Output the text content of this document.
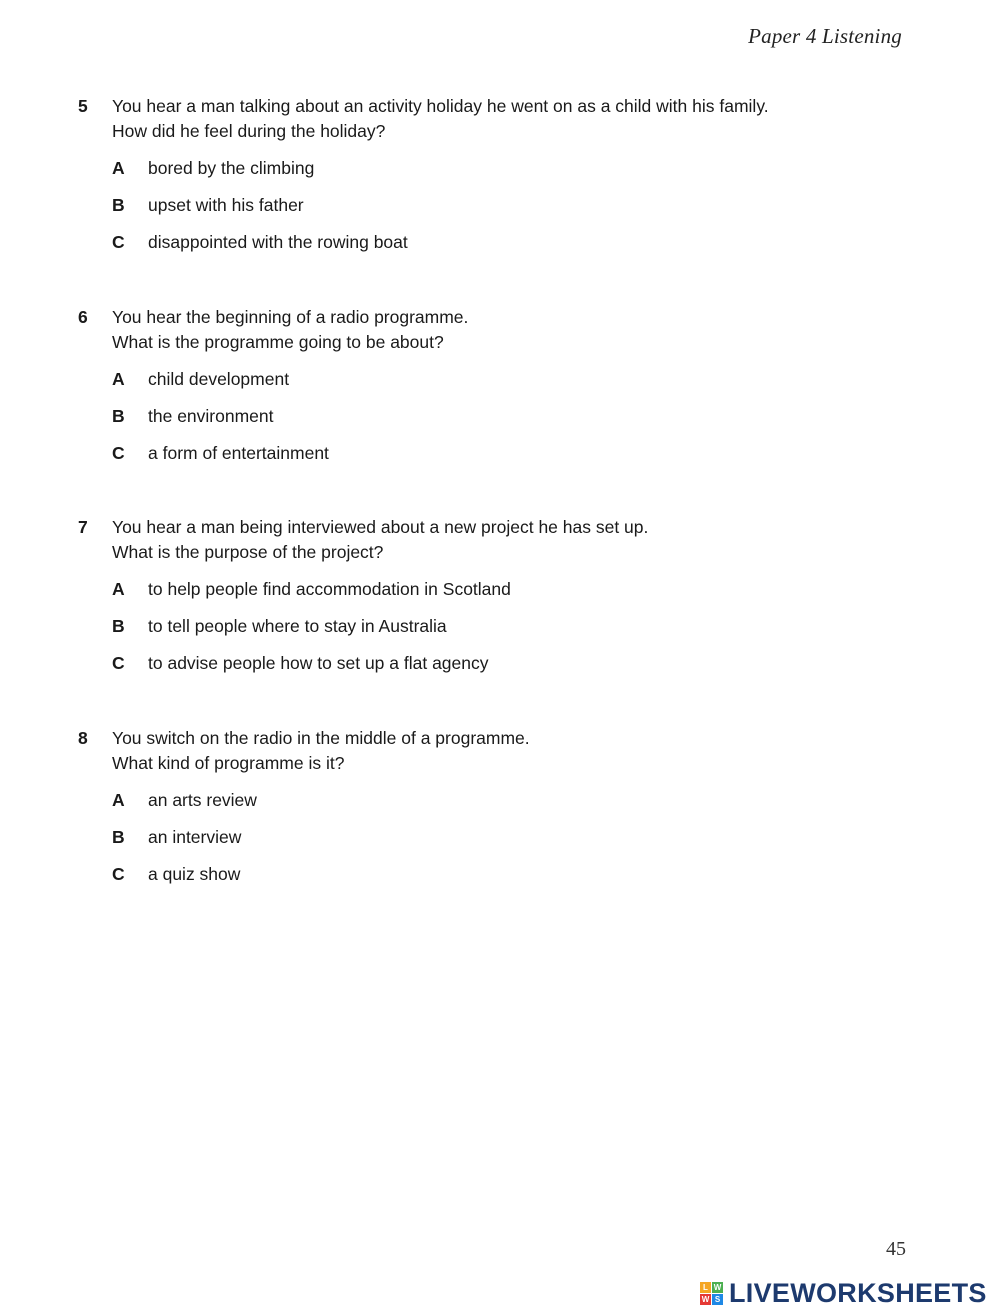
Paper 4 Listening
5 You hear a man talking about an activity holiday he went on as a child with his family.
How did he feel during the holiday?
A bored by the climbing
B upset with his father
C disappointed with the rowing boat
6 You hear the beginning of a radio programme.
What is the programme going to be about?
A child development
B the environment
C a form of entertainment
7 You hear a man being interviewed about a new project he has set up.
What is the purpose of the project?
A to help people find accommodation in Scotland
B to tell people where to stay in Australia
C to advise people how to set up a flat agency
8 You switch on the radio in the middle of a programme.
What kind of programme is it?
A an arts review
B an interview
C a quiz show
45
L W
W S LIVEWORKSHEETS
